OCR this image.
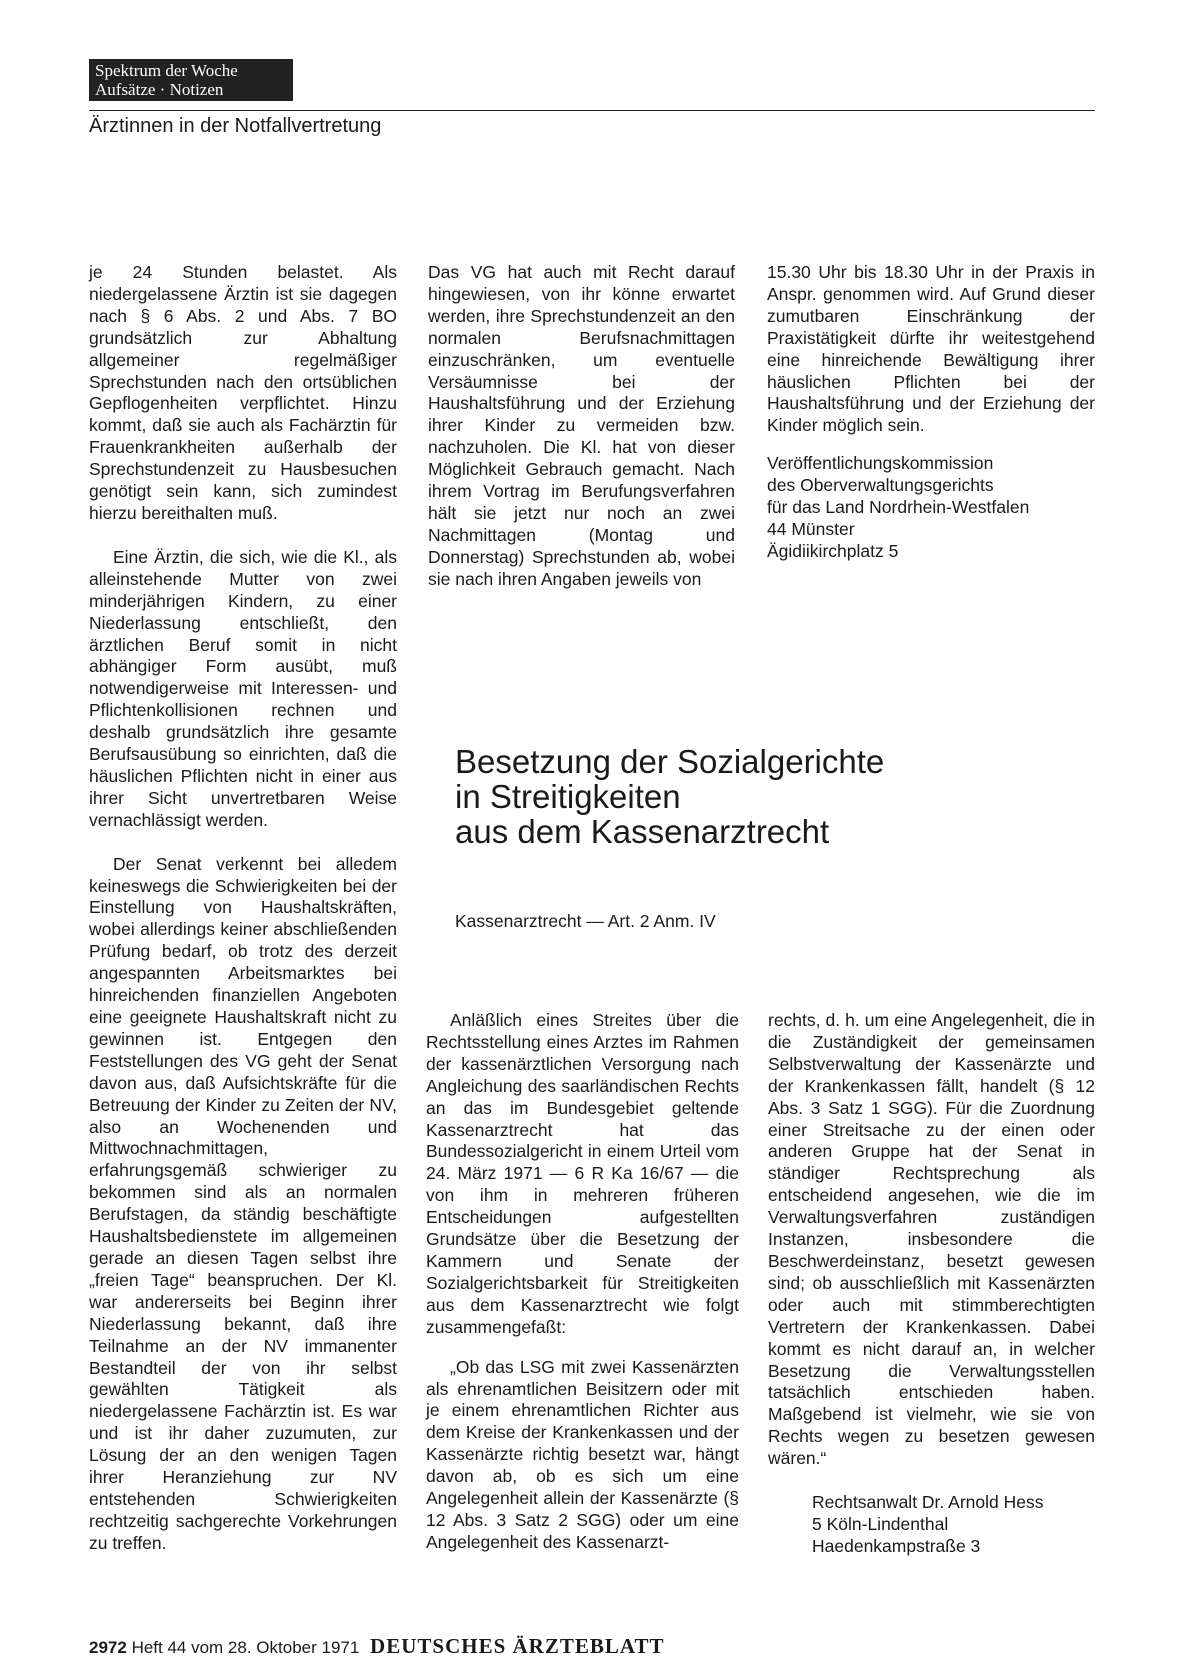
Spektrum der Woche
Aufsätze · Notizen
Ärztinnen in der Notfallvertretung

je 24 Stunden belastet. Als niedergelassene Ärztin ist sie dagegen nach § 6 Abs. 2 und Abs. 7 BO grundsätzlich zur Abhaltung allgemeiner regelmäßiger Sprechstunden nach den ortsüblichen Gepflogenheiten verpflichtet. Hinzu kommt, daß sie auch als Fachärztin für Frauenkrankheiten außerhalb der Sprechstundenzeit zu Hausbesuchen genötigt sein kann, sich zumindest hierzu bereithalten muß.

Eine Ärztin, die sich, wie die Kl., als alleinstehende Mutter von zwei minderjährigen Kindern, zu einer Niederlassung entschließt, den ärztlichen Beruf somit in nicht abhängiger Form ausübt, muß notwendigerweise mit Interessen- und Pflichtenkollisionen rechnen und deshalb grundsätzlich ihre gesamte Berufsausübung so einrichten, daß die häuslichen Pflichten nicht in einer aus ihrer Sicht unvertretbaren Weise vernachlässigt werden.

Der Senat verkennt bei alledem keineswegs die Schwierigkeiten bei der Einstellung von Haushaltskräften, wobei allerdings keiner abschließenden Prüfung bedarf, ob trotz des derzeit angespannten Arbeitsmarktes bei hinreichenden finanziellen Angeboten eine geeignete Haushaltskraft nicht zu gewinnen ist. Entgegen den Feststellungen des VG geht der Senat davon aus, daß Aufsichtskräfte für die Betreuung der Kinder zu Zeiten der NV, also an Wochenenden und Mittwochnachmittagen, erfahrungsgemäß schwieriger zu bekommen sind als an normalen Berufstagen, da ständig beschäftigte Haushaltsbedienstete im allgemeinen gerade an diesen Tagen selbst ihre „freien Tage“ beanspruchen. Der Kl. war andererseits bei Beginn ihrer Niederlassung bekannt, daß ihre Teilnahme an der NV immanenter Bestandteil der von ihr selbst gewählten Tätigkeit als niedergelassene Fachärztin ist. Es war und ist ihr daher zuzumuten, zur Lösung der an den wenigen Tagen ihrer Heranziehung zur NV entstehenden Schwierigkeiten rechtzeitig sachgerechte Vorkehrungen zu treffen.

Das VG hat auch mit Recht darauf hingewiesen, von ihr könne erwartet werden, ihre Sprechstundenzeit an den normalen Berufsnachmittagen einzuschränken, um eventuelle Versäumnisse bei der Haushaltsführung und der Erziehung ihrer Kinder zu vermeiden bzw. nachzuholen. Die Kl. hat von dieser Möglichkeit Gebrauch gemacht. Nach ihrem Vortrag im Berufungsverfahren hält sie jetzt nur noch an zwei Nachmittagen (Montag und Donnerstag) Sprechstunden ab, wobei sie nach ihren Angaben jeweils von

15.30 Uhr bis 18.30 Uhr in der Praxis in Anspr. genommen wird. Auf Grund dieser zumutbaren Einschränkung der Praxistätigkeit dürfte ihr weitestgehend eine hinreichende Bewältigung ihrer häuslichen Pflichten bei der Haushaltsführung und der Erziehung der Kinder möglich sein.

Veröffentlichungskommission
des Oberverwaltungsgerichts
für das Land Nordrhein-Westfalen
44 Münster
Ägidiikirchplatz 5

Besetzung der Sozialgerichte
in Streitigkeiten
aus dem Kassenarztrecht
Kassenarztrecht — Art. 2 Anm. IV

Anläßlich eines Streites über die Rechtsstellung eines Arztes im Rahmen der kassenärztlichen Versorgung nach Angleichung des saarländischen Rechts an das im Bundesgebiet geltende Kassenarztrecht hat das Bundessozialgericht in einem Urteil vom 24. März 1971 — 6 R Ka 16/67 — die von ihm in mehreren früheren Entscheidungen aufgestellten Grundsätze über die Besetzung der Kammern und Senate der Sozialgerichtsbarkeit für Streitigkeiten aus dem Kassenarztrecht wie folgt zusammengefaßt:

„Ob das LSG mit zwei Kassenärzten als ehrenamtlichen Beisitzern oder mit je einem ehrenamtlichen Richter aus dem Kreise der Krankenkassen und der Kassenärzte richtig besetzt war, hängt davon ab, ob es sich um eine Angelegenheit allein der Kassenärzte (§ 12 Abs. 3 Satz 2 SGG) oder um eine Angelegenheit des Kassenarzt-

rechts, d. h. um eine Angelegenheit, die in die Zuständigkeit der gemeinsamen Selbstverwaltung der Kassenärzte und der Krankenkassen fällt, handelt (§ 12 Abs. 3 Satz 1 SGG). Für die Zuordnung einer Streitsache zu der einen oder anderen Gruppe hat der Senat in ständiger Rechtsprechung als entscheidend angesehen, wie die im Verwaltungsverfahren zuständigen Instanzen, insbesondere die Beschwerdeinstanz, besetzt gewesen sind; ob ausschließlich mit Kassenärzten oder auch mit stimmberechtigten Vertretern der Krankenkassen. Dabei kommt es nicht darauf an, in welcher Besetzung die Verwaltungsstellen tatsächlich entschieden haben. Maßgebend ist vielmehr, wie sie von Rechts wegen zu besetzen gewesen wären.“

Rechtsanwalt Dr. Arnold Hess
5 Köln-Lindenthal
Haedenkampstraße 3

2972 Heft 44 vom 28. Oktober 1971 DEUTSCHES ÄRZTEBLATT
